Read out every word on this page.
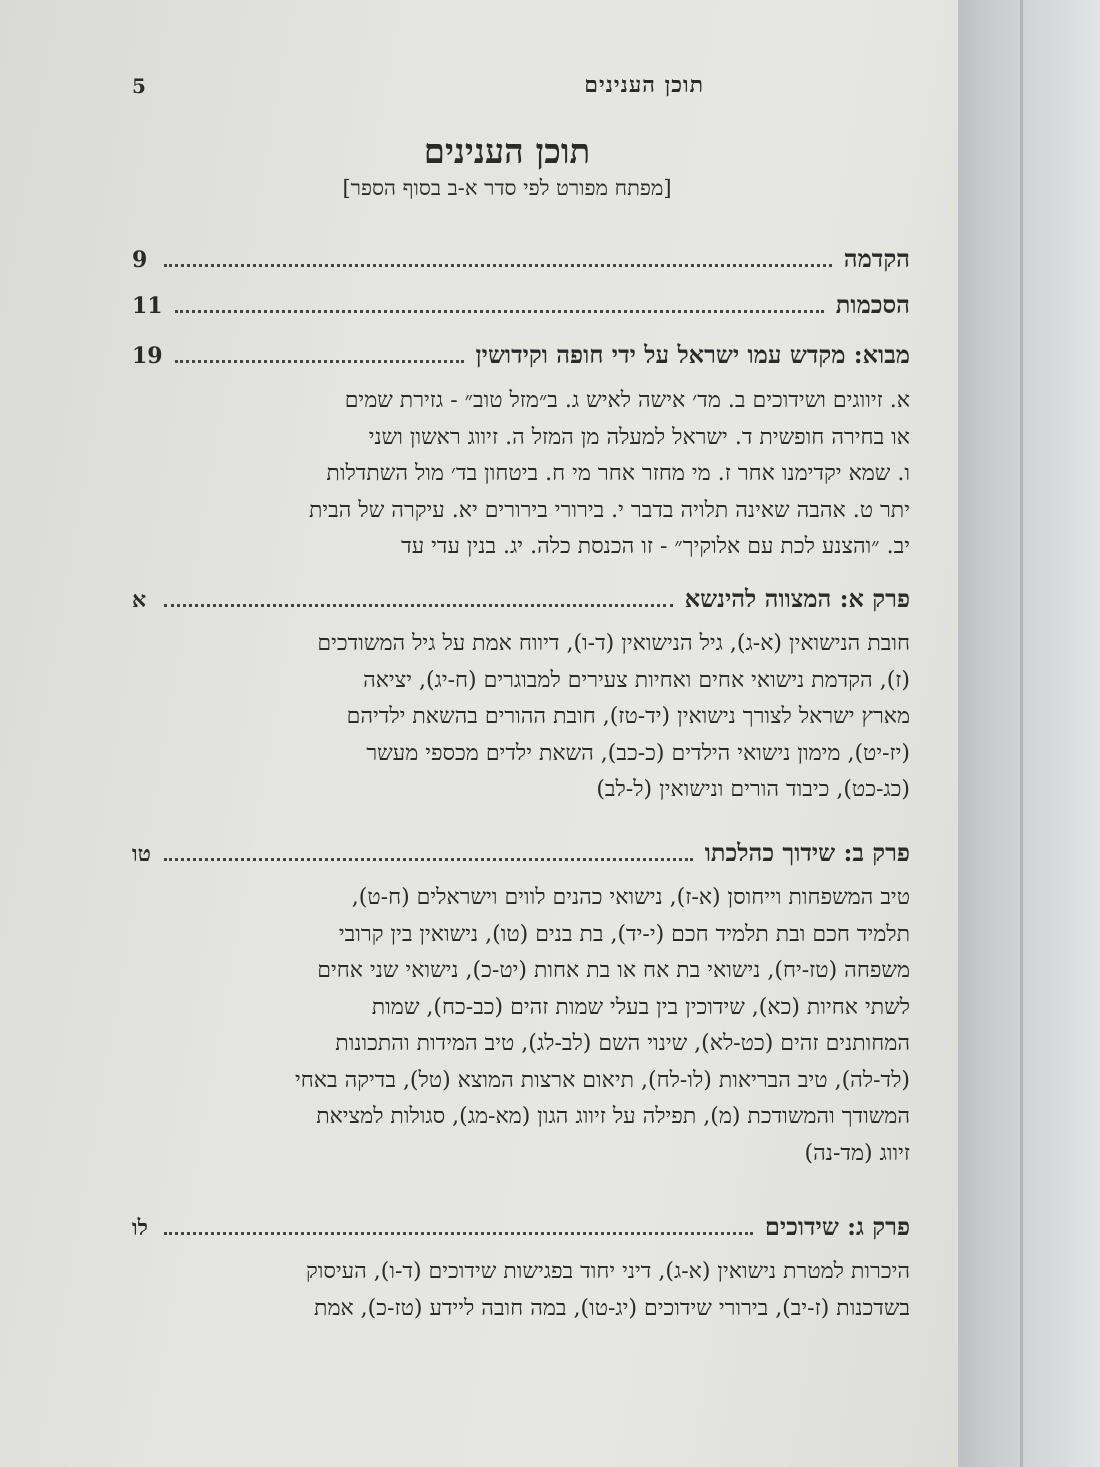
תוכן הענינים
5
תוכן הענינים
[מפתח מפורט לפי סדר א-ב בסוף הספר]
הקדמה
9
הסכמות
11
מבוא: מקדש עמו ישראל על ידי חופה וקידושין
19

א. זיווגים ושידוכים ב. מד׳ אישה לאיש ג. ב״מזל טוב״ - גזירת שמים

או בחירה חופשית ד. ישראל למעלה מן המזל ה. זיווג ראשון ושני

ו. שמא יקדימנו אחר ז. מי מחזר אחר מי ח. ביטחון בד׳ מול השתדלות

יתר ט. אהבה שאינה תלויה בדבר י. בירורי בירורים יא. עיקרה של הבית

יב. ״והצנע לכת עם אלוקיך״ - זו הכנסת כלה. יג. בנין עדי עד

פרק א: המצווה להינשא
א

חובת הנישואין (א-ג), גיל הנישואין (ד-ו), דיווח אמת על גיל המשודכים

(ז), הקדמת נישואי אחים ואחיות צעירים למבוגרים (ח-יג), יציאה

מארץ ישראל לצורך נישואין (יד-טז), חובת ההורים בהשאת ילדיהם

(יז-יט), מימון נישואי הילדים (כ-כב), השאת ילדים מכספי מעשר

(כג-כט), כיבוד הורים ונישואין (ל-לב)

פרק ב: שידוך כהלכתו
טו

טיב המשפחות וייחוסן (א-ז), נישואי כהנים לווים וישראלים (ח-ט),

תלמיד חכם ובת תלמיד חכם (י-יד), בת בנים (טו), נישואין בין קרובי

משפחה (טז-יח), נישואי בת אח או בת אחות (יט-כ), נישואי שני אחים

לשתי אחיות (כא), שידוכין בין בעלי שמות זהים (כב-כח), שמות

המחותנים זהים (כט-לא), שינוי השם (לב-לג), טיב המידות והתכונות

(לד-לה), טיב הבריאות (לו-לח), תיאום ארצות המוצא (טל), בדיקה באחי

המשודך והמשודכת (מ), תפילה על זיווג הגון (מא-מג), סגולות למציאת

זיווג (מד-נה)

פרק ג: שידוכים
לו

היכרות למטרת נישואין (א-ג), דיני יחוד בפגישות שידוכים (ד-ו), העיסוק

בשדכנות (ז-יב), בירורי שידוכים (יג-טו), במה חובה ליידע (טז-כ), אמת
